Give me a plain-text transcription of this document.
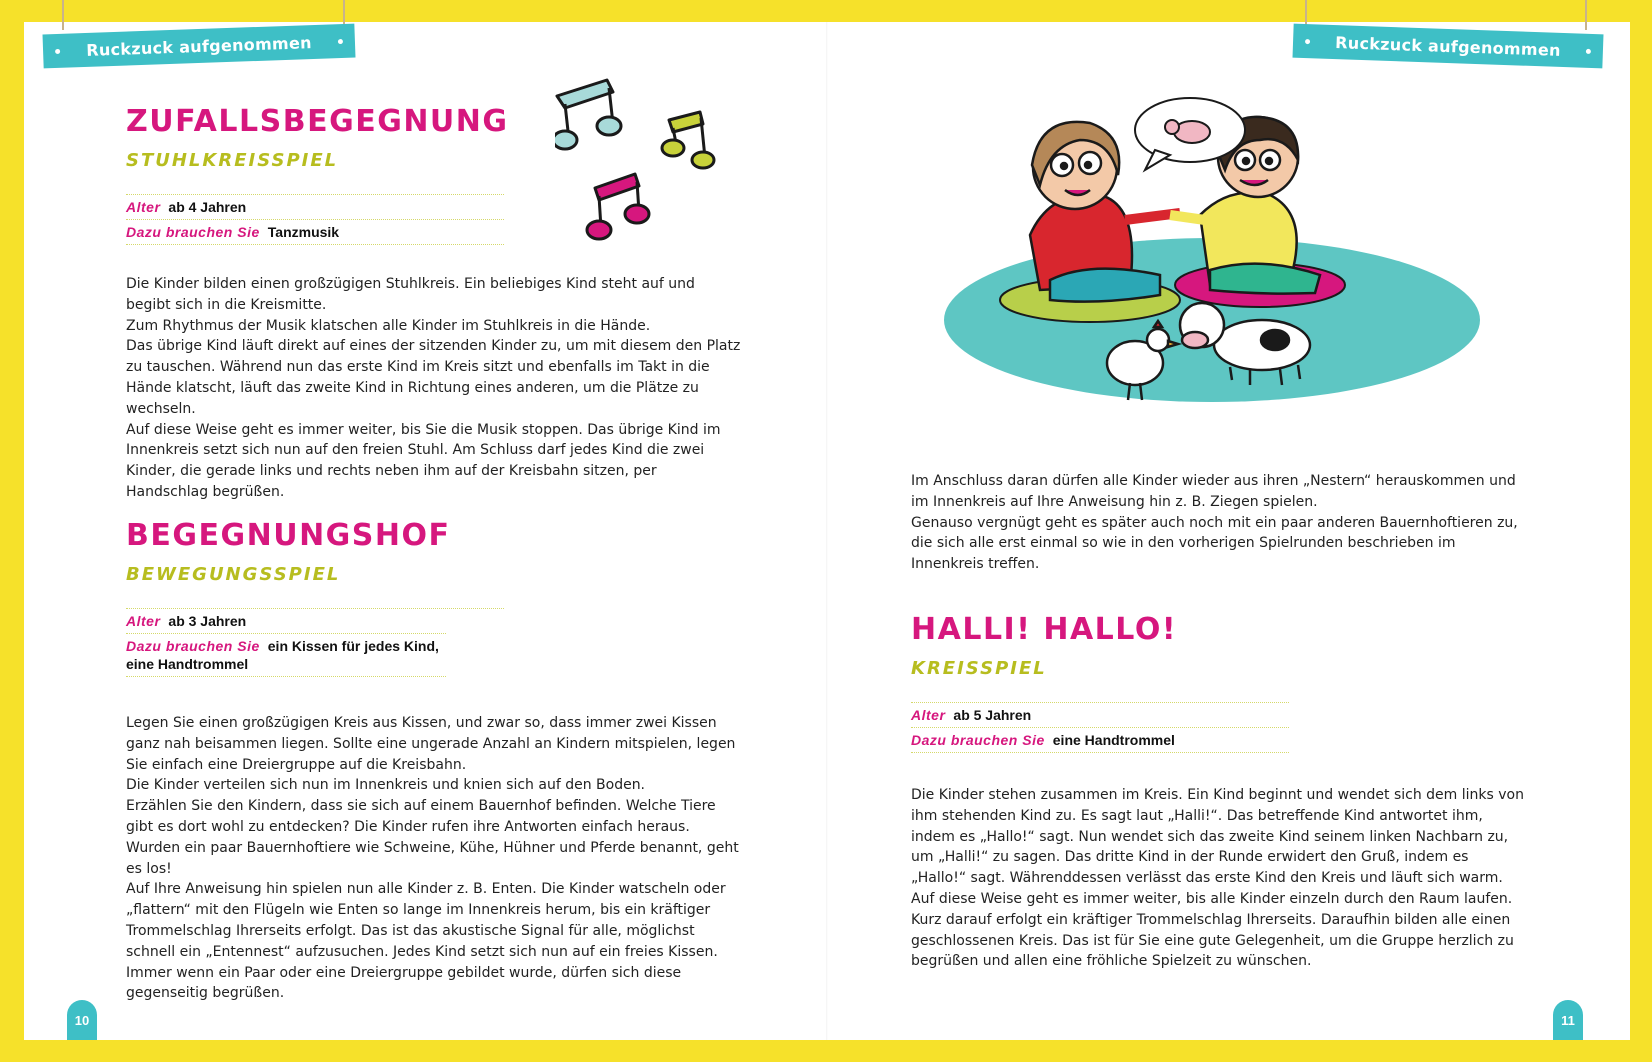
Ruckzuck aufgenommen	Ruckzuck aufgenommen
ZUFALLSBEGEGNUNG
STUHLKREISSPIEL
Alter ab 4 Jahren
Dazu brauchen Sie Tanzmusik

Die Kinder bilden einen großzügigen Stuhlkreis. Ein beliebiges Kind steht auf und begibt sich in die Kreismitte.

Zum Rhythmus der Musik klatschen alle Kinder im Stuhlkreis in die Hände.

Das übrige Kind läuft direkt auf eines der sitzenden Kinder zu, um mit diesem den Platz zu tauschen. Während nun das erste Kind im Kreis sitzt und ebenfalls im Takt in die Hände klatscht, läuft das zweite Kind in Richtung eines anderen, um die Plätze zu wechseln.

Auf diese Weise geht es immer weiter, bis Sie die Musik stoppen. Das übrige Kind im Innenkreis setzt sich nun auf den freien Stuhl. Am Schluss darf jedes Kind die zwei Kinder, die gerade links und rechts neben ihm auf der Kreisbahn sitzen, per Handschlag begrüßen.

BEGEGNUNGSHOF
BEWEGUNGSSPIEL
Alter ab 3 Jahren
Dazu brauchen Sie ein Kissen für jedes Kind, eine Handtrommel

Legen Sie einen großzügigen Kreis aus Kissen, und zwar so, dass immer zwei Kissen ganz nah beisammen liegen. Sollte eine ungerade Anzahl an Kindern mitspielen, legen Sie einfach eine Dreiergruppe auf die Kreisbahn.

Die Kinder verteilen sich nun im Innenkreis und knien sich auf den Boden.

Erzählen Sie den Kindern, dass sie sich auf einem Bauernhof befinden. Welche Tiere gibt es dort wohl zu entdecken? Die Kinder rufen ihre Antworten einfach heraus. Wurden ein paar Bauernhoftiere wie Schweine, Kühe, Hühner und Pferde benannt, geht es los!

Auf Ihre Anweisung hin spielen nun alle Kinder z. B. Enten. Die Kinder watscheln oder „flattern“ mit den Flügeln wie Enten so lange im Innenkreis herum, bis ein kräftiger Trommelschlag Ihrerseits erfolgt. Das ist das akustische Signal für alle, möglichst schnell ein „Entennest“ aufzusuchen. Jedes Kind setzt sich nun auf ein freies Kissen. Immer wenn ein Paar oder eine Dreiergruppe gebildet wurde, dürfen sich diese gegenseitig begrüßen.

Im Anschluss daran dürfen alle Kinder wieder aus ihren „Nestern“ herauskommen und im Innenkreis auf Ihre Anweisung hin z. B. Ziegen spielen.

Genauso vergnügt geht es später auch noch mit ein paar anderen Bauernhoftieren zu, die sich alle erst einmal so wie in den vorherigen Spielrunden beschrieben im Innenkreis treffen.

HALLI! HALLO!
KREISSPIEL
Alter ab 5 Jahren
Dazu brauchen Sie eine Handtrommel

Die Kinder stehen zusammen im Kreis. Ein Kind beginnt und wendet sich dem links von ihm stehenden Kind zu. Es sagt laut „Halli!“. Das betreffende Kind antwortet ihm, indem es „Hallo!“ sagt. Nun wendet sich das zweite Kind seinem linken Nachbarn zu, um „Halli!“ zu sagen. Das dritte Kind in der Runde erwidert den Gruß, indem es „Hallo!“ sagt. Währenddessen verlässt das erste Kind den Kreis und läuft sich warm.

Auf diese Weise geht es immer weiter, bis alle Kinder einzeln durch den Raum laufen.

Kurz darauf erfolgt ein kräftiger Trommelschlag Ihrerseits. Daraufhin bilden alle einen geschlossenen Kreis. Das ist für Sie eine gute Gelegenheit, um die Gruppe herzlich zu begrüßen und allen eine fröhliche Spielzeit zu wünschen.

10	11
